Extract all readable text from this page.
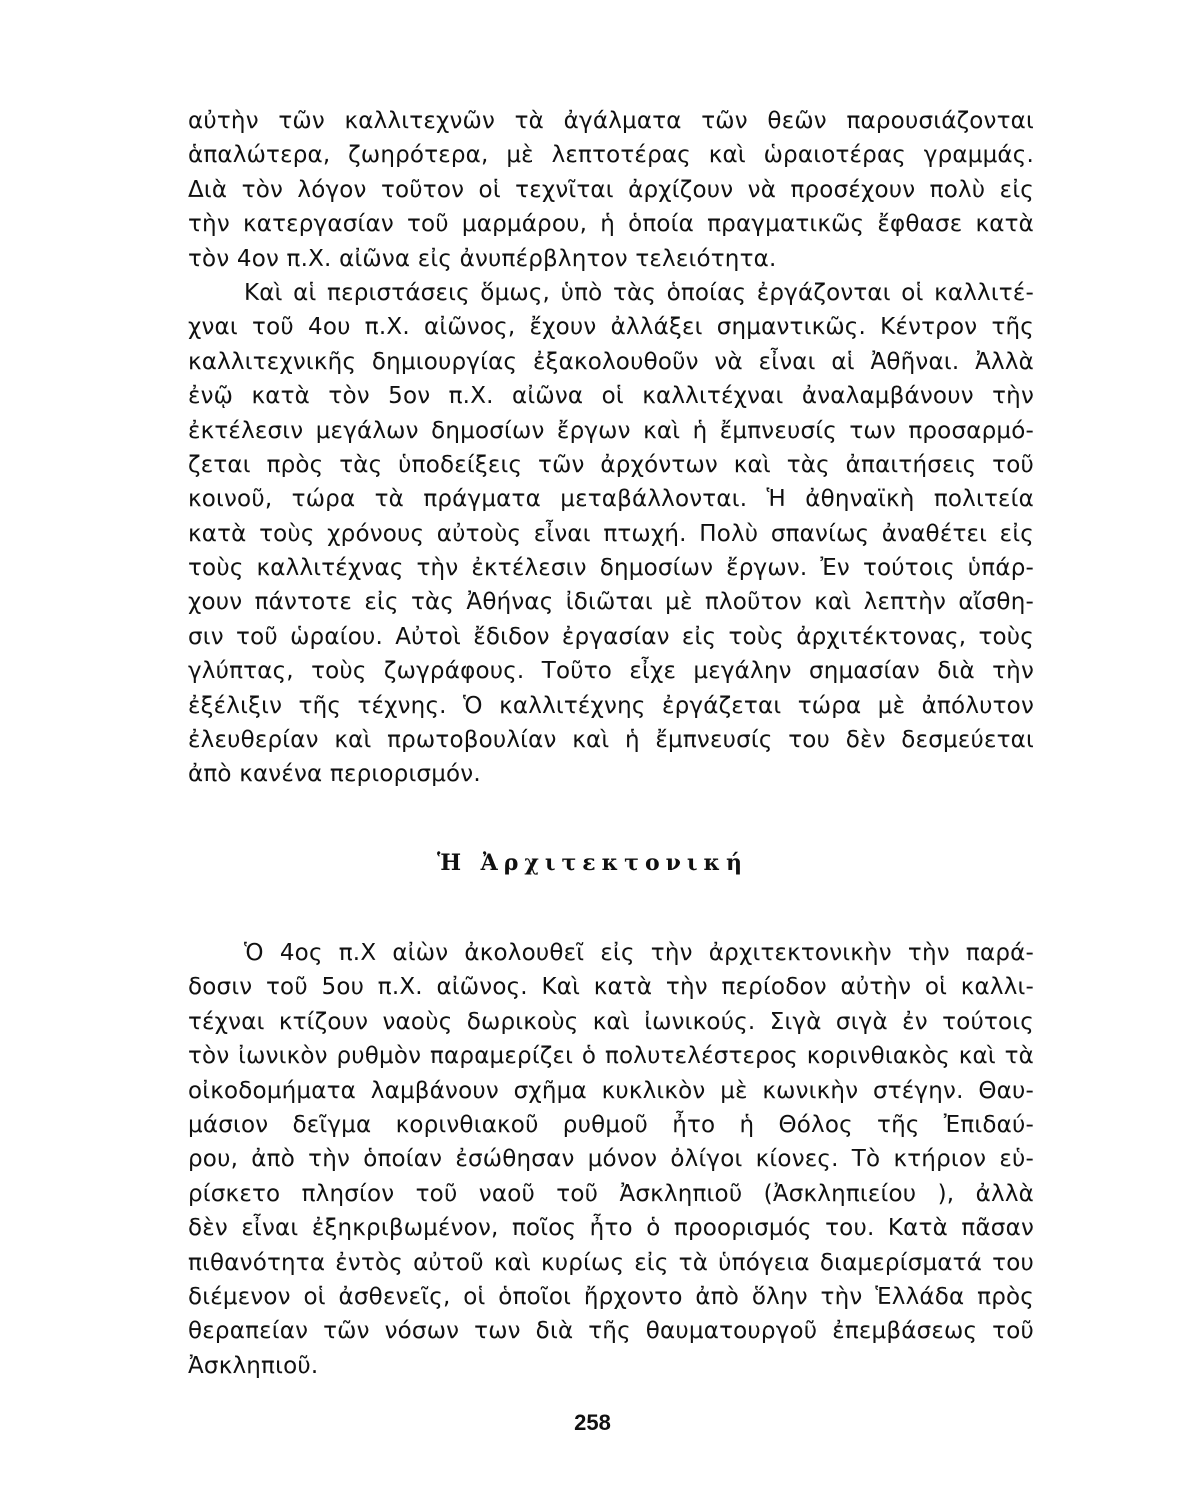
αὐτὴν τῶν καλλιτεχνῶν τὰ ἀγάλματα τῶν θεῶν παρουσιάζονται
ἁπαλώτερα, ζωηρότερα, μὲ λεπτοτέρας καὶ ὡραιοτέρας γραμμάς.
Διὰ τὸν λόγον τοῦτον οἱ τεχνῖται ἀρχίζουν νὰ προσέχουν πολὺ εἰς
τὴν κατεργασίαν τοῦ μαρμάρου, ἡ ὁποία πραγματικῶς ἔφθασε κατὰ
τὸν 4ον π.Χ. αἰῶνα εἰς ἀνυπέρβλητον τελειότητα.
Καὶ αἱ περιστάσεις ὅμως, ὑπὸ τὰς ὁποίας ἐργάζονται οἱ καλλιτέ-
χναι τοῦ 4ου π.Χ. αἰῶνος, ἔχουν ἀλλάξει σημαντικῶς. Κέντρον τῆς
καλλιτεχνικῆς δημιουργίας ἐξακολουθοῦν νὰ εἶναι αἱ Ἀθῆναι. Ἀλλὰ
ἐνῷ κατὰ τὸν 5ον π.Χ. αἰῶνα οἱ καλλιτέχναι ἀναλαμβάνουν τὴν
ἐκτέλεσιν μεγάλων δημοσίων ἔργων καὶ ἡ ἔμπνευσίς των προσαρμό-
ζεται πρὸς τὰς ὑποδείξεις τῶν ἀρχόντων καὶ τὰς ἀπαιτήσεις τοῦ
κοινοῦ, τώρα τὰ πράγματα μεταβάλλονται. Ἡ ἀθηναϊκὴ πολιτεία
κατὰ τοὺς χρόνους αὐτοὺς εἶναι πτωχή. Πολὺ σπανίως ἀναθέτει εἰς
τοὺς καλλιτέχνας τὴν ἐκτέλεσιν δημοσίων ἔργων. Ἐν τούτοις ὑπάρ-
χουν πάντοτε εἰς τὰς Ἀθήνας ἰδιῶται μὲ πλοῦτον καὶ λεπτὴν αἴσθη-
σιν τοῦ ὡραίου. Αὐτοὶ ἔδιδον ἐργασίαν εἰς τοὺς ἀρχιτέκτονας, τοὺς
γλύπτας, τοὺς ζωγράφους. Τοῦτο εἶχε μεγάλην σημασίαν διὰ τὴν
ἐξέλιξιν τῆς τέχνης. Ὁ καλλιτέχνης ἐργάζεται τώρα μὲ ἀπόλυτον
ἐλευθερίαν καὶ πρωτοβουλίαν καὶ ἡ ἔμπνευσίς του δὲν δεσμεύεται
ἀπὸ κανένα περιορισμόν.
Ἡ Ἀρχιτεκτονική
Ὁ 4ος π.Χ αἰὼν ἀκολουθεῖ εἰς τὴν ἀρχιτεκτονικὴν τὴν παρά-
δοσιν τοῦ 5ου π.Χ. αἰῶνος. Καὶ κατὰ τὴν περίοδον αὐτὴν οἱ καλλι-
τέχναι κτίζουν ναοὺς δωρικοὺς καὶ ἰωνικούς. Σιγὰ σιγὰ ἐν τούτοις
τὸν ἰωνικὸν ρυθμὸν παραμερίζει ὁ πολυτελέστερος κορινθιακὸς καὶ τὰ
οἰκοδομήματα λαμβάνουν σχῆμα κυκλικὸν μὲ κωνικὴν στέγην. Θαυ-
μάσιον δεῖγμα κορινθιακοῦ ρυθμοῦ ἦτο ἡ Θόλος τῆς Ἐπιδαύ-
ρου, ἀπὸ τὴν ὁποίαν ἐσώθησαν μόνον ὀλίγοι κίονες. Τὸ κτήριον εὑ-
ρίσκετο πλησίον τοῦ ναοῦ τοῦ Ἀσκληπιοῦ (Ἀσκληπιείου ), ἀλλὰ
δὲν εἶναι ἐξηκριβωμένον, ποῖος ἦτο ὁ προορισμός του. Κατὰ πᾶσαν
πιθανότητα ἐντὸς αὐτοῦ καὶ κυρίως εἰς τὰ ὑπόγεια διαμερίσματά του
διέμενον οἱ ἀσθενεῖς, οἱ ὁποῖοι ἤρχοντο ἀπὸ ὅλην τὴν Ἑλλάδα πρὸς
θεραπείαν τῶν νόσων των διὰ τῆς θαυματουργοῦ ἐπεμβάσεως τοῦ
Ἀσκληπιοῦ.
258
